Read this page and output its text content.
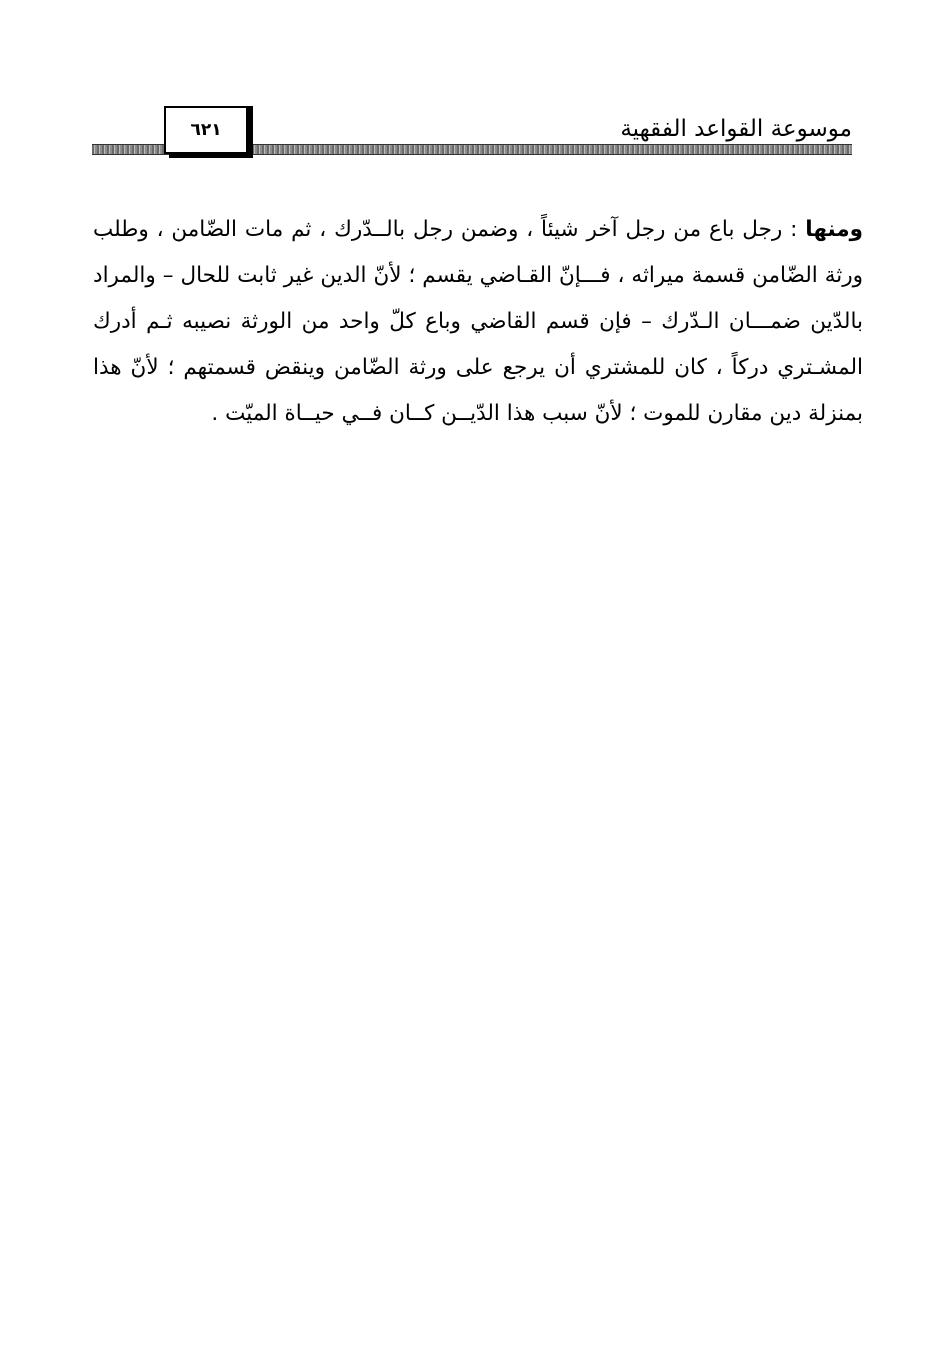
موسوعة القواعد الفقهية
٦٢١

ومنها : رجل باع من رجل آخر شيئاً ، وضمن رجل بالــدّرك ، ثم مات الضّامن ، وطلب ورثة الضّامن قسمة ميراثه ، فـــإنّ القـاضي يقسم ؛ لأنّ الدين غير ثابت للحال – والمراد بالدّين ضمـــان الـدّرك – فإن قسم القاضي وباع كلّ واحد من الورثة نصيبه ثـم أدرك المشـتري دركاً ، كان للمشتري أن يرجع على ورثة الضّامن وينقض قسمتهم ؛ لأنّ هذا بمنزلة دين مقارن للموت ؛ لأنّ سبب هذا الدّيــن كــان فــي حيــاة الميّت .
